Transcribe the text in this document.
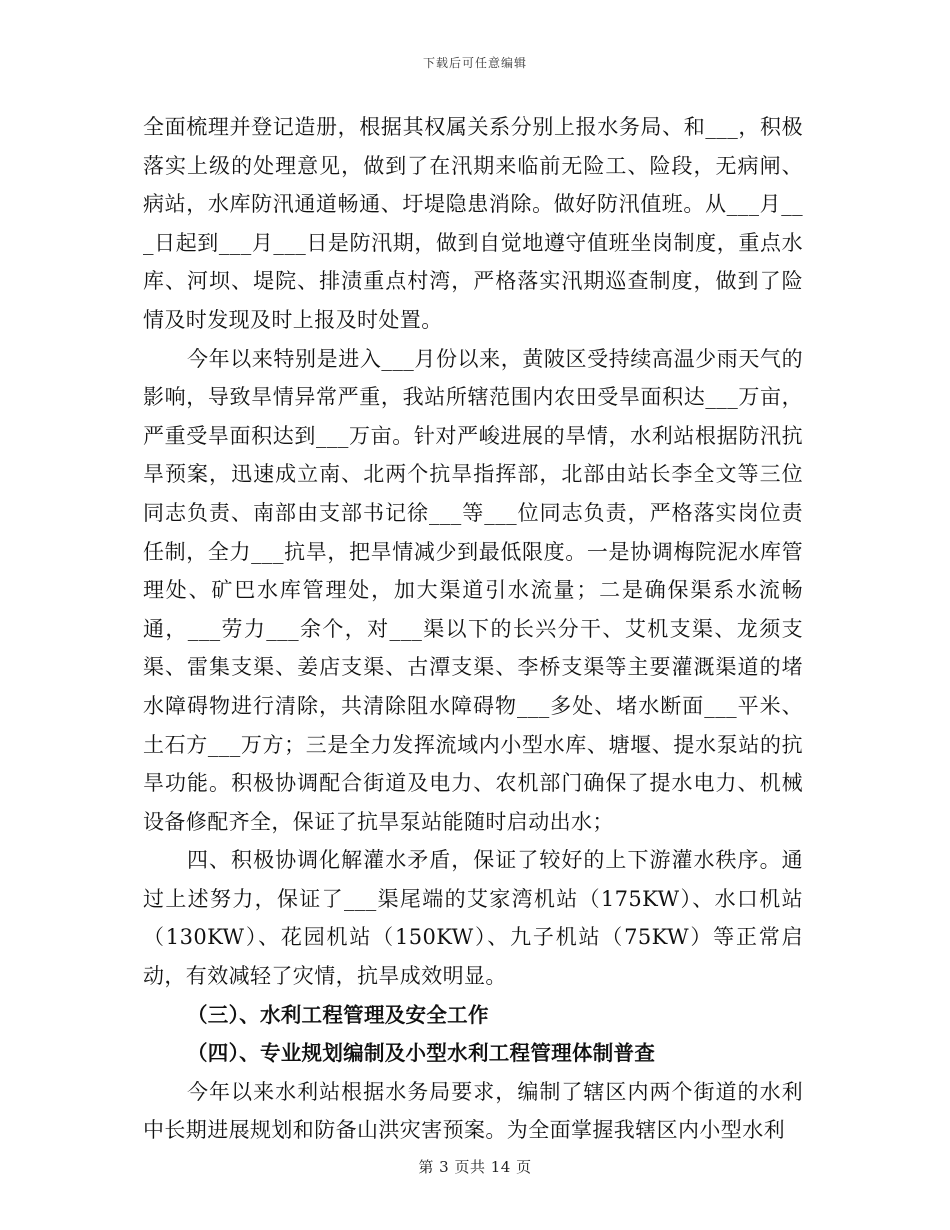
下载后可任意编辑

全面梳理并登记造册，根据其权属关系分别上报水务局、和___，积极落实上级的处理意见，做到了在汛期来临前无险工、险段，无病闸、病站，水库防汛通道畅通、圩堤隐患消除。做好防汛值班。从___月___日起到___月___日是防汛期，做到自觉地遵守值班坐岗制度，重点水库、河坝、堤院、排渍重点村湾，严格落实汛期巡查制度，做到了险情及时发现及时上报及时处置。

今年以来特别是进入___月份以来，黄陂区受持续高温少雨天气的影响，导致旱情异常严重，我站所辖范围内农田受旱面积达___万亩，严重受旱面积达到___万亩。针对严峻进展的旱情，水利站根据防汛抗旱预案，迅速成立南、北两个抗旱指挥部，北部由站长李全文等三位同志负责、南部由支部书记徐___等___位同志负责，严格落实岗位责任制，全力___抗旱，把旱情减少到最低限度。一是协调梅院泥水库管理处、矿巴水库管理处，加大渠道引水流量；二是确保渠系水流畅通，___劳力___余个，对___渠以下的长兴分干、艾机支渠、龙须支渠、雷集支渠、姜店支渠、古潭支渠、李桥支渠等主要灌溉渠道的堵水障碍物进行清除，共清除阻水障碍物___多处、堵水断面___平米、土石方___万方；三是全力发挥流域内小型水库、塘堰、提水泵站的抗旱功能。积极协调配合街道及电力、农机部门确保了提水电力、机械设备修配齐全，保证了抗旱泵站能随时启动出水；

四、积极协调化解灌水矛盾，保证了较好的上下游灌水秩序。通过上述努力，保证了___渠尾端的艾家湾机站（175KW）、水口机站（130KW）、花园机站（150KW）、九子机站（75KW）等正常启动，有效减轻了灾情，抗旱成效明显。

（三）、水利工程管理及安全工作

（四）、专业规划编制及小型水利工程管理体制普查

今年以来水利站根据水务局要求，编制了辖区内两个街道的水利中长期进展规划和防备山洪灾害预案。为全面掌握我辖区内小型水利

第 3 页共 14 页
